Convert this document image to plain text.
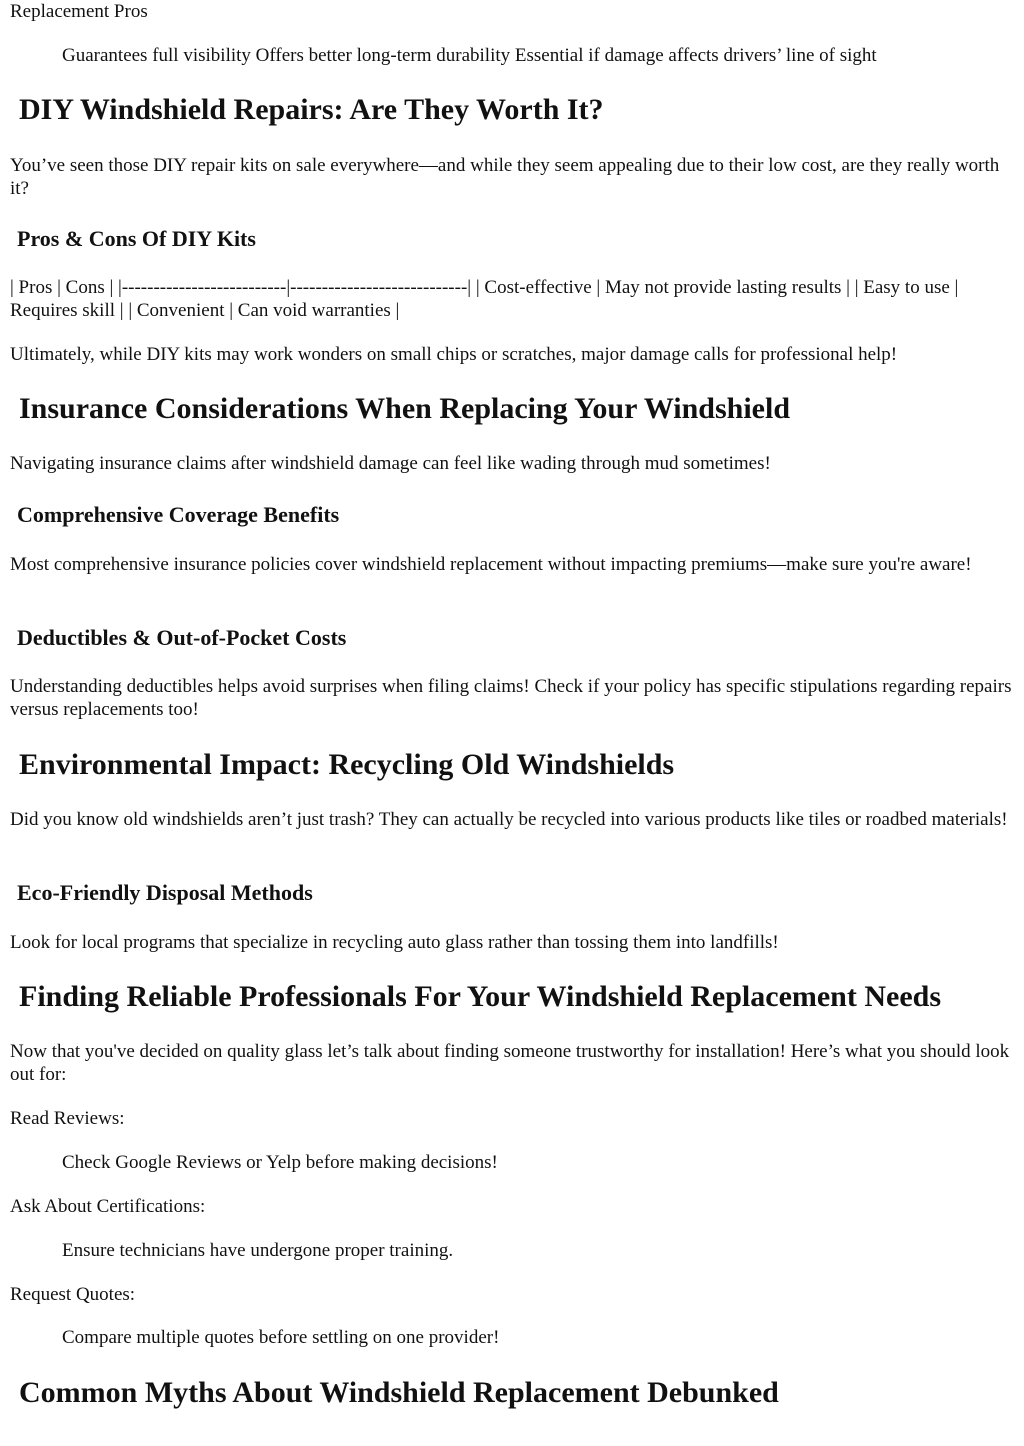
Replacement Pros

Guarantees full visibility Offers better long-term durability Essential if damage affects drivers’ line of sight

DIY Windshield Repairs: Are They Worth It?

You’ve seen those DIY repair kits on sale everywhere—and while they seem appealing due to their low cost, are they really worth it?

Pros & Cons Of DIY Kits

| Pros | Cons | |--------------------------|----------------------------| | Cost-effective | May not provide lasting results | | Easy to use | Requires skill | | Convenient | Can void warranties |

Ultimately, while DIY kits may work wonders on small chips or scratches, major damage calls for professional help!

Insurance Considerations When Replacing Your Windshield

Navigating insurance claims after windshield damage can feel like wading through mud sometimes!

Comprehensive Coverage Benefits

Most comprehensive insurance policies cover windshield replacement without impacting premiums—make sure you're aware!

Deductibles & Out-of-Pocket Costs

Understanding deductibles helps avoid surprises when filing claims! Check if your policy has specific stipulations regarding repairs versus replacements too!

Environmental Impact: Recycling Old Windshields

Did you know old windshields aren’t just trash? They can actually be recycled into various products like tiles or roadbed materials!

Eco-Friendly Disposal Methods

Look for local programs that specialize in recycling auto glass rather than tossing them into landfills!

Finding Reliable Professionals For Your Windshield Replacement Needs

Now that you've decided on quality glass let’s talk about finding someone trustworthy for installation! Here’s what you should look out for:

Read Reviews:

Check Google Reviews or Yelp before making decisions!

Ask About Certifications:

Ensure technicians have undergone proper training.

Request Quotes:

Compare multiple quotes before settling on one provider!

Common Myths About Windshield Replacement Debunked
